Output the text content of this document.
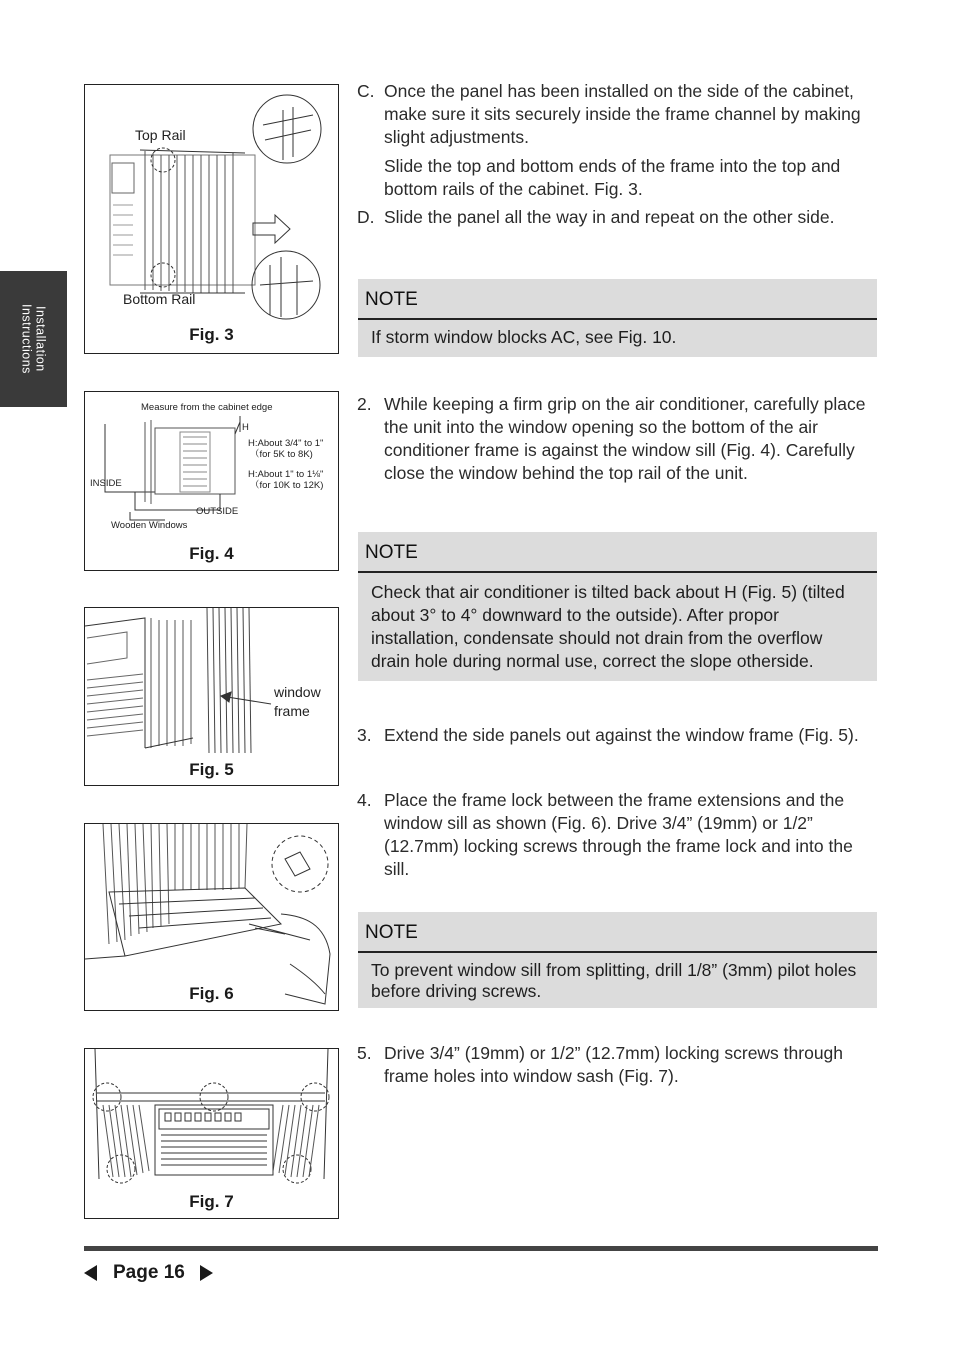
Installation
Instructions
Top Rail
Bottom Rail
Fig. 3
Measure from the cabinet edge
H
H:About 3/4" to 1"
（for 5K to 8K)
H:About 1" to 1⅛"
（for 10K to 12K)
INSIDE
OUTSIDE
Wooden Windows
Fig. 4
window
frame
Fig. 5
Fig. 6
Fig. 7
C. Once the panel has been installed on the side of the cabinet, make sure it sits securely inside the frame channel by making slight adjustments.

Slide the top and bottom ends of the frame into the top and bottom rails of the cabinet. Fig. 3.

D. Slide the panel all the way in and repeat on the other side.
NOTE
If storm window blocks AC, see Fig. 10.
2. While keeping a firm grip on the air conditioner, carefully place the unit into the window opening so the bottom of the air conditioner frame is against the window sill (Fig. 4). Carefully close the window behind the top rail of the unit.
NOTE
Check that air conditioner is tilted back about H (Fig. 5) (tilted about 3° to 4° downward to the outside). After propor installation, condensate should not drain from the overflow drain hole during normal use, correct the slope otherside.
3. Extend the side panels out against the window frame (Fig. 5).
4. Place the frame lock between the frame extensions and the window sill as shown (Fig. 6). Drive 3/4” (19mm) or 1/2” (12.7mm) locking screws through the frame lock and into the sill.
NOTE
To prevent window sill from splitting, drill 1/8” (3mm) pilot holes before driving screws.
5. Drive 3/4” (19mm) or 1/2” (12.7mm) locking screws through frame holes into window sash (Fig. 7).
Page 16
